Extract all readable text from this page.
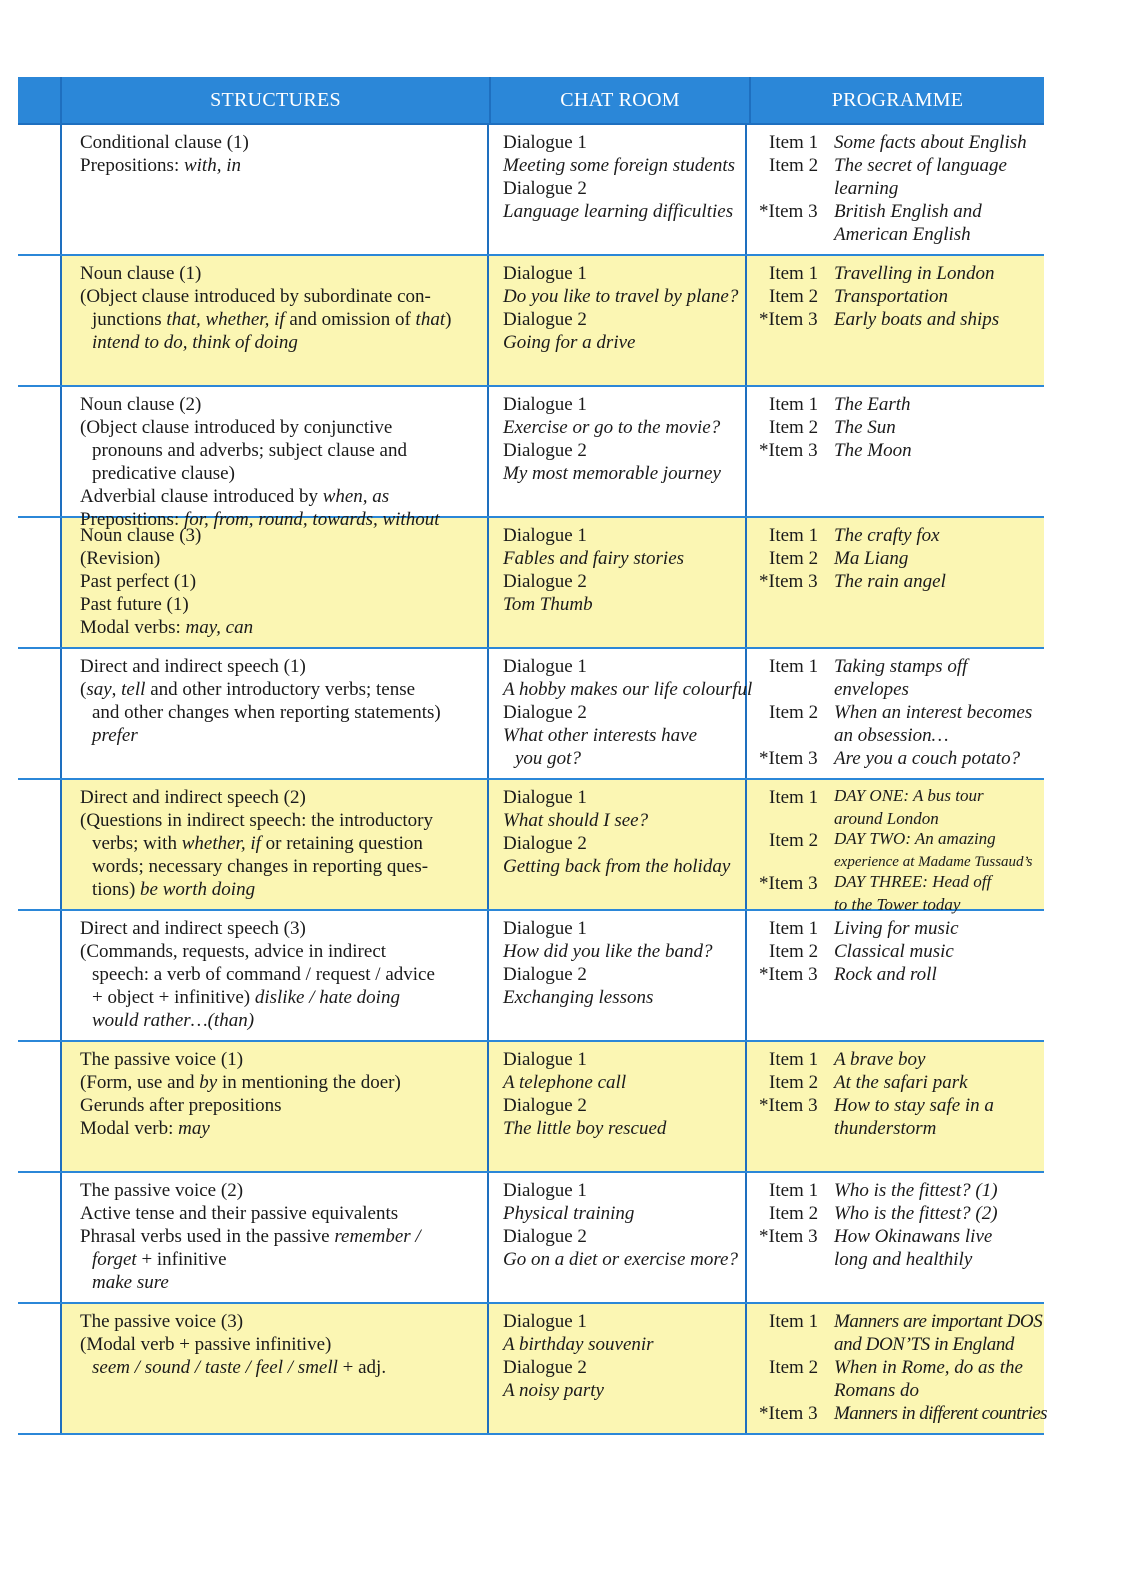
STRUCTURES	CHAT ROOM	PROGRAMME
Conditional clause (1)
Prepositions: with, in
Dialogue 1
Meeting some foreign students
Dialogue 2
Language learning difficulties
Item 1 Some facts about English
Item 2 The secret of language
learning
*Item 3 British English and
American English
Noun clause (1)
(Object clause introduced by subordinate con-
junctions that, whether, if and omission of that)
intend to do, think of doing
Dialogue 1
Do you like to travel by plane?
Dialogue 2
Going for a drive
Item 1 Travelling in London
Item 2 Transportation
*Item 3 Early boats and ships
Noun clause (2)
(Object clause introduced by conjunctive
pronouns and adverbs; subject clause and
predicative clause)
Adverbial clause introduced by when, as
Prepositions: for, from, round, towards, without
Dialogue 1
Exercise or go to the movie?
Dialogue 2
My most memorable journey
Item 1 The Earth
Item 2 The Sun
*Item 3 The Moon
Noun clause (3)
(Revision)
Past perfect (1)
Past future (1)
Modal verbs: may, can
Dialogue 1
Fables and fairy stories
Dialogue 2
Tom Thumb
Item 1 The crafty fox
Item 2 Ma Liang
*Item 3 The rain angel
Direct and indirect speech (1)
(say, tell and other introductory verbs; tense
and other changes when reporting statements)
prefer
Dialogue 1
A hobby makes our life colourful
Dialogue 2
What other interests have
you got?
Item 1 Taking stamps off
envelopes
Item 2 When an interest becomes
an obsession…
*Item 3 Are you a couch potato?
Direct and indirect speech (2)
(Questions in indirect speech: the introductory
verbs; with whether, if or retaining question
words; necessary changes in reporting ques-
tions) be worth doing
Dialogue 1
What should I see?
Dialogue 2
Getting back from the holiday
Item 1 DAY ONE: A bus tour
around London
Item 2 DAY TWO: An amazing
experience at Madame Tussaud’s
*Item 3 DAY THREE: Head off
to the Tower today
Direct and indirect speech (3)
(Commands, requests, advice in indirect
speech: a verb of command / request / advice
+ object + infinitive) dislike / hate doing
would rather…(than)
Dialogue 1
How did you like the band?
Dialogue 2
Exchanging lessons
Item 1 Living for music
Item 2 Classical music
*Item 3 Rock and roll
The passive voice (1)
(Form, use and by in mentioning the doer)
Gerunds after prepositions
Modal verb: may
Dialogue 1
A telephone call
Dialogue 2
The little boy rescued
Item 1 A brave boy
Item 2 At the safari park
*Item 3 How to stay safe in a
thunderstorm
The passive voice (2)
Active tense and their passive equivalents
Phrasal verbs used in the passive remember /
forget + infinitive
make sure
Dialogue 1
Physical training
Dialogue 2
Go on a diet or exercise more?
Item 1 Who is the fittest? (1)
Item 2 Who is the fittest? (2)
*Item 3 How Okinawans live
long and healthily
The passive voice (3)
(Modal verb + passive infinitive)
seem / sound / taste / feel / smell + adj.
Dialogue 1
A birthday souvenir
Dialogue 2
A noisy party
Item 1 Manners are important DOS
and DON’TS in England
Item 2 When in Rome, do as the
Romans do
*Item 3 Manners in different countries
